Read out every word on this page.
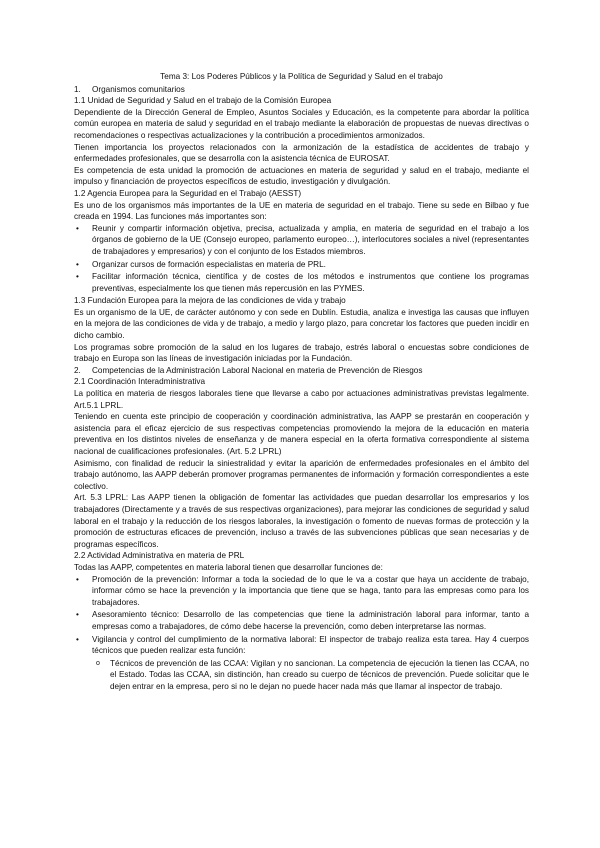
Tema 3: Los Poderes Públicos y la Política de Seguridad y Salud en el trabajo
1.	Organismos comunitarios
1.1 Unidad de Seguridad y Salud en el trabajo de la Comisión Europea

Dependiente de la Dirección General de Empleo, Asuntos Sociales y Educación, es la competente para abordar la política común europea en materia de salud y seguridad en el trabajo mediante la elaboración de propuestas de nuevas directivas o recomendaciones o respectivas actualizaciones y la contribución a procedimientos armonizados.

Tienen importancia los proyectos relacionados con la armonización de la estadística de accidentes de trabajo y enfermedades profesionales, que se desarrolla con la asistencia técnica de EUROSAT.

Es competencia de esta unidad la promoción de actuaciones en materia de seguridad y salud en el trabajo, mediante el impulso y financiación de proyectos específicos de estudio, investigación y divulgación.

1.2 Agencia Europea para la Seguridad en el Trabajo (AESST)

Es uno de los organismos más importantes de la UE en materia de seguridad en el trabajo. Tiene su sede en Bilbao y fue creada en 1994. Las funciones más importantes son:

•	Reunir y compartir información objetiva, precisa, actualizada y amplia, en materia de seguridad en el trabajo a los órganos de gobierno de la UE (Consejo europeo, parlamento europeo…), interlocutores sociales a nivel (representantes de trabajadores y empresarios) y con el conjunto de los Estados miembros.
•	Organizar cursos de formación especialistas en materia de PRL.
•	Facilitar información técnica, científica y de costes de los métodos e instrumentos que contiene los programas preventivas, especialmente los que tienen más repercusión en las PYMES.
1.3 Fundación Europea para la mejora de las condiciones de vida y trabajo

Es un organismo de la UE, de carácter autónomo y con sede en Dublín. Estudia, analiza e investiga las causas que influyen en la mejora de las condiciones de vida y de trabajo, a medio y largo plazo, para concretar los factores que pueden incidir en dicho cambio.

Los programas sobre promoción de la salud en los lugares de trabajo, estrés laboral o encuestas sobre condiciones de trabajo en Europa son las líneas de investigación iniciadas por la Fundación.

2.	Competencias de la Administración Laboral Nacional en materia de Prevención de Riesgos
2.1 Coordinación Interadministrativa

La política en materia de riesgos laborales tiene que llevarse a cabo por actuaciones administrativas previstas legalmente. Art.5.1 LPRL.

Teniendo en cuenta este principio de cooperación y coordinación administrativa, las AAPP se prestarán en cooperación y asistencia para el eficaz ejercicio de sus respectivas competencias promoviendo la mejora de la educación en materia preventiva en los distintos niveles de enseñanza y de manera especial en la oferta formativa correspondiente al sistema nacional de cualificaciones profesionales. (Art. 5.2 LPRL)

Asimismo, con finalidad de reducir la siniestralidad y evitar la aparición de enfermedades profesionales en el ámbito del trabajo autónomo, las AAPP deberán promover programas permanentes de información y formación correspondientes a este colectivo.

Art. 5.3 LPRL: Las AAPP tienen la obligación de fomentar las actividades que puedan desarrollar los empresarios y los trabajadores (Directamente y a través de sus respectivas organizaciones), para mejorar las condiciones de seguridad y salud laboral en el trabajo y la reducción de los riesgos laborales, la investigación o fomento de nuevas formas de protección y la promoción de estructuras eficaces de prevención, incluso a través de las subvenciones públicas que sean necesarias y de programas específicos.

2.2 Actividad Administrativa en materia de PRL

Todas las AAPP, competentes en materia laboral tienen que desarrollar funciones de:

•	Promoción de la prevención: Informar a toda la sociedad de lo que le va a costar que haya un accidente de trabajo, informar cómo se hace la prevención y la importancia que tiene que se haga, tanto para las empresas como para los trabajadores.
•	Asesoramiento técnico: Desarrollo de las competencias que tiene la administración laboral para informar, tanto a empresas como a trabajadores, de cómo debe hacerse la prevención, como deben interpretarse las normas.
•	Vigilancia y control del cumplimiento de la normativa laboral: El inspector de trabajo realiza esta tarea. Hay 4 cuerpos técnicos que pueden realizar esta función:
o	Técnicos de prevención de las CCAA: Vigilan y no sancionan. La competencia de ejecución la tienen las CCAA, no el Estado. Todas las CCAA, sin distinción, han creado su cuerpo de técnicos de prevención. Puede solicitar que le dejen entrar en la empresa, pero si no le dejan no puede hacer nada más que llamar al inspector de trabajo.
